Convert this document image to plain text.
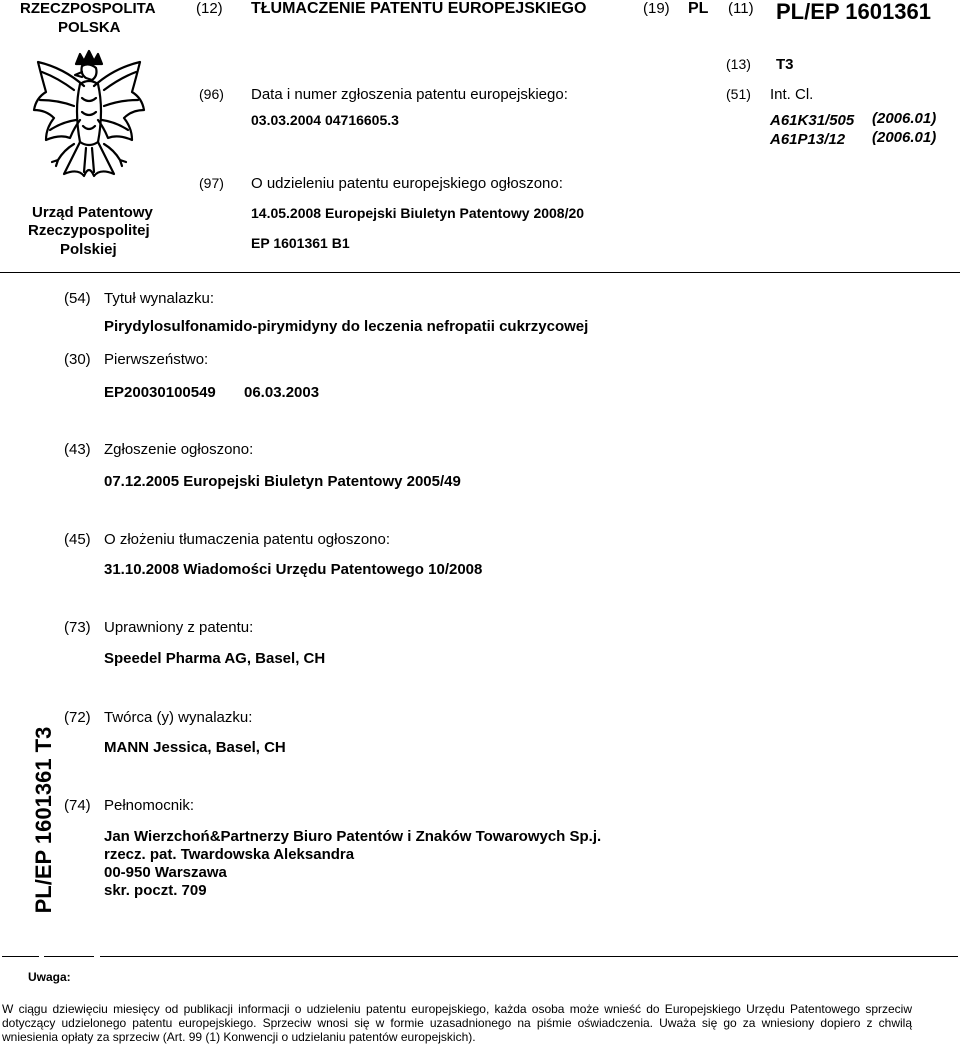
RZECZPOSPOLITA
POLSKA
(12) TŁUMACZENIE PATENTU EUROPEJSKIEGO	(19) PL (11) PL/EP 1601361
(13) T3
Urząd Patentowy
Rzeczypospolitej
Polskiej
(96) Data i numer zgłoszenia patentu europejskiego:
03.03.2004 04716605.3
(51) Int. Cl.
A61K31/505 (2006.01)
A61P13/12 (2006.01)
(97) O udzieleniu patentu europejskiego ogłoszono:
14.05.2008 Europejski Biuletyn Patentowy 2008/20
EP 1601361 B1
(54) Tytuł wynalazku:
Pirydylosulfonamido-pirymidyny do leczenia nefropatii cukrzycowej
(30) Pierwszeństwo:
EP20030100549 06.03.2003
(43) Zgłoszenie ogłoszono:
07.12.2005 Europejski Biuletyn Patentowy 2005/49
(45) O złożeniu tłumaczenia patentu ogłoszono:
31.10.2008 Wiadomości Urzędu Patentowego 10/2008
(73) Uprawniony z patentu:
Speedel Pharma AG, Basel, CH
PL/EP 1601361 T3
(72) Twórca (y) wynalazku:
MANN Jessica, Basel, CH
(74) Pełnomocnik:
Jan Wierzchoń&Partnerzy Biuro Patentów i Znaków Towarowych Sp.j.
rzecz. pat. Twardowska Aleksandra
00-950 Warszawa
skr. poczt. 709
Uwaga:
W ciągu dziewięciu miesięcy od publikacji informacji o udzieleniu patentu europejskiego, każda osoba może wnieść do Europejskiego Urzędu Patentowego sprzeciw dotyczący udzielonego patentu europejskiego. Sprzeciw wnosi się w formie uzasadnionego na piśmie oświadczenia. Uważa się go za wniesiony dopiero z chwilą wniesienia opłaty za sprzeciw (Art. 99 (1) Konwencji o udzielaniu patentów europejskich).
